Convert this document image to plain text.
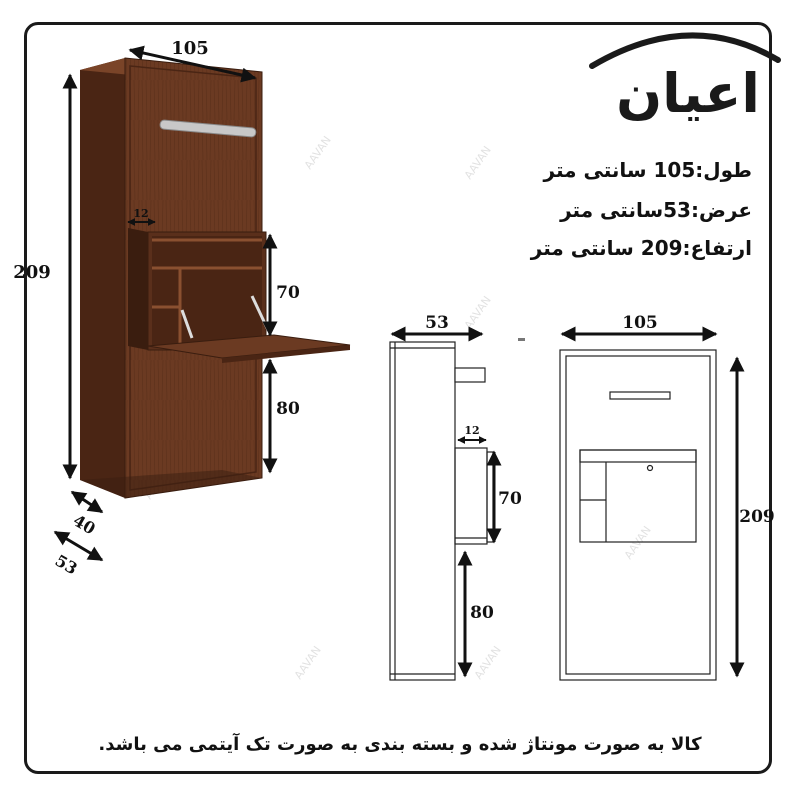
AAVAN	AAVAN
AAVAN
AAVAN
AAVAN	AAVAN
اعیان
105
209
12
70
80
40
53
53
12
70
80
105
209
طول:105 سانتی متر
عرض:53سانتی متر
ارتفاع:209 سانتی متر
کالا به صورت مونتاژ شده و بسته بندی به صورت تک آیتمی می باشد.
